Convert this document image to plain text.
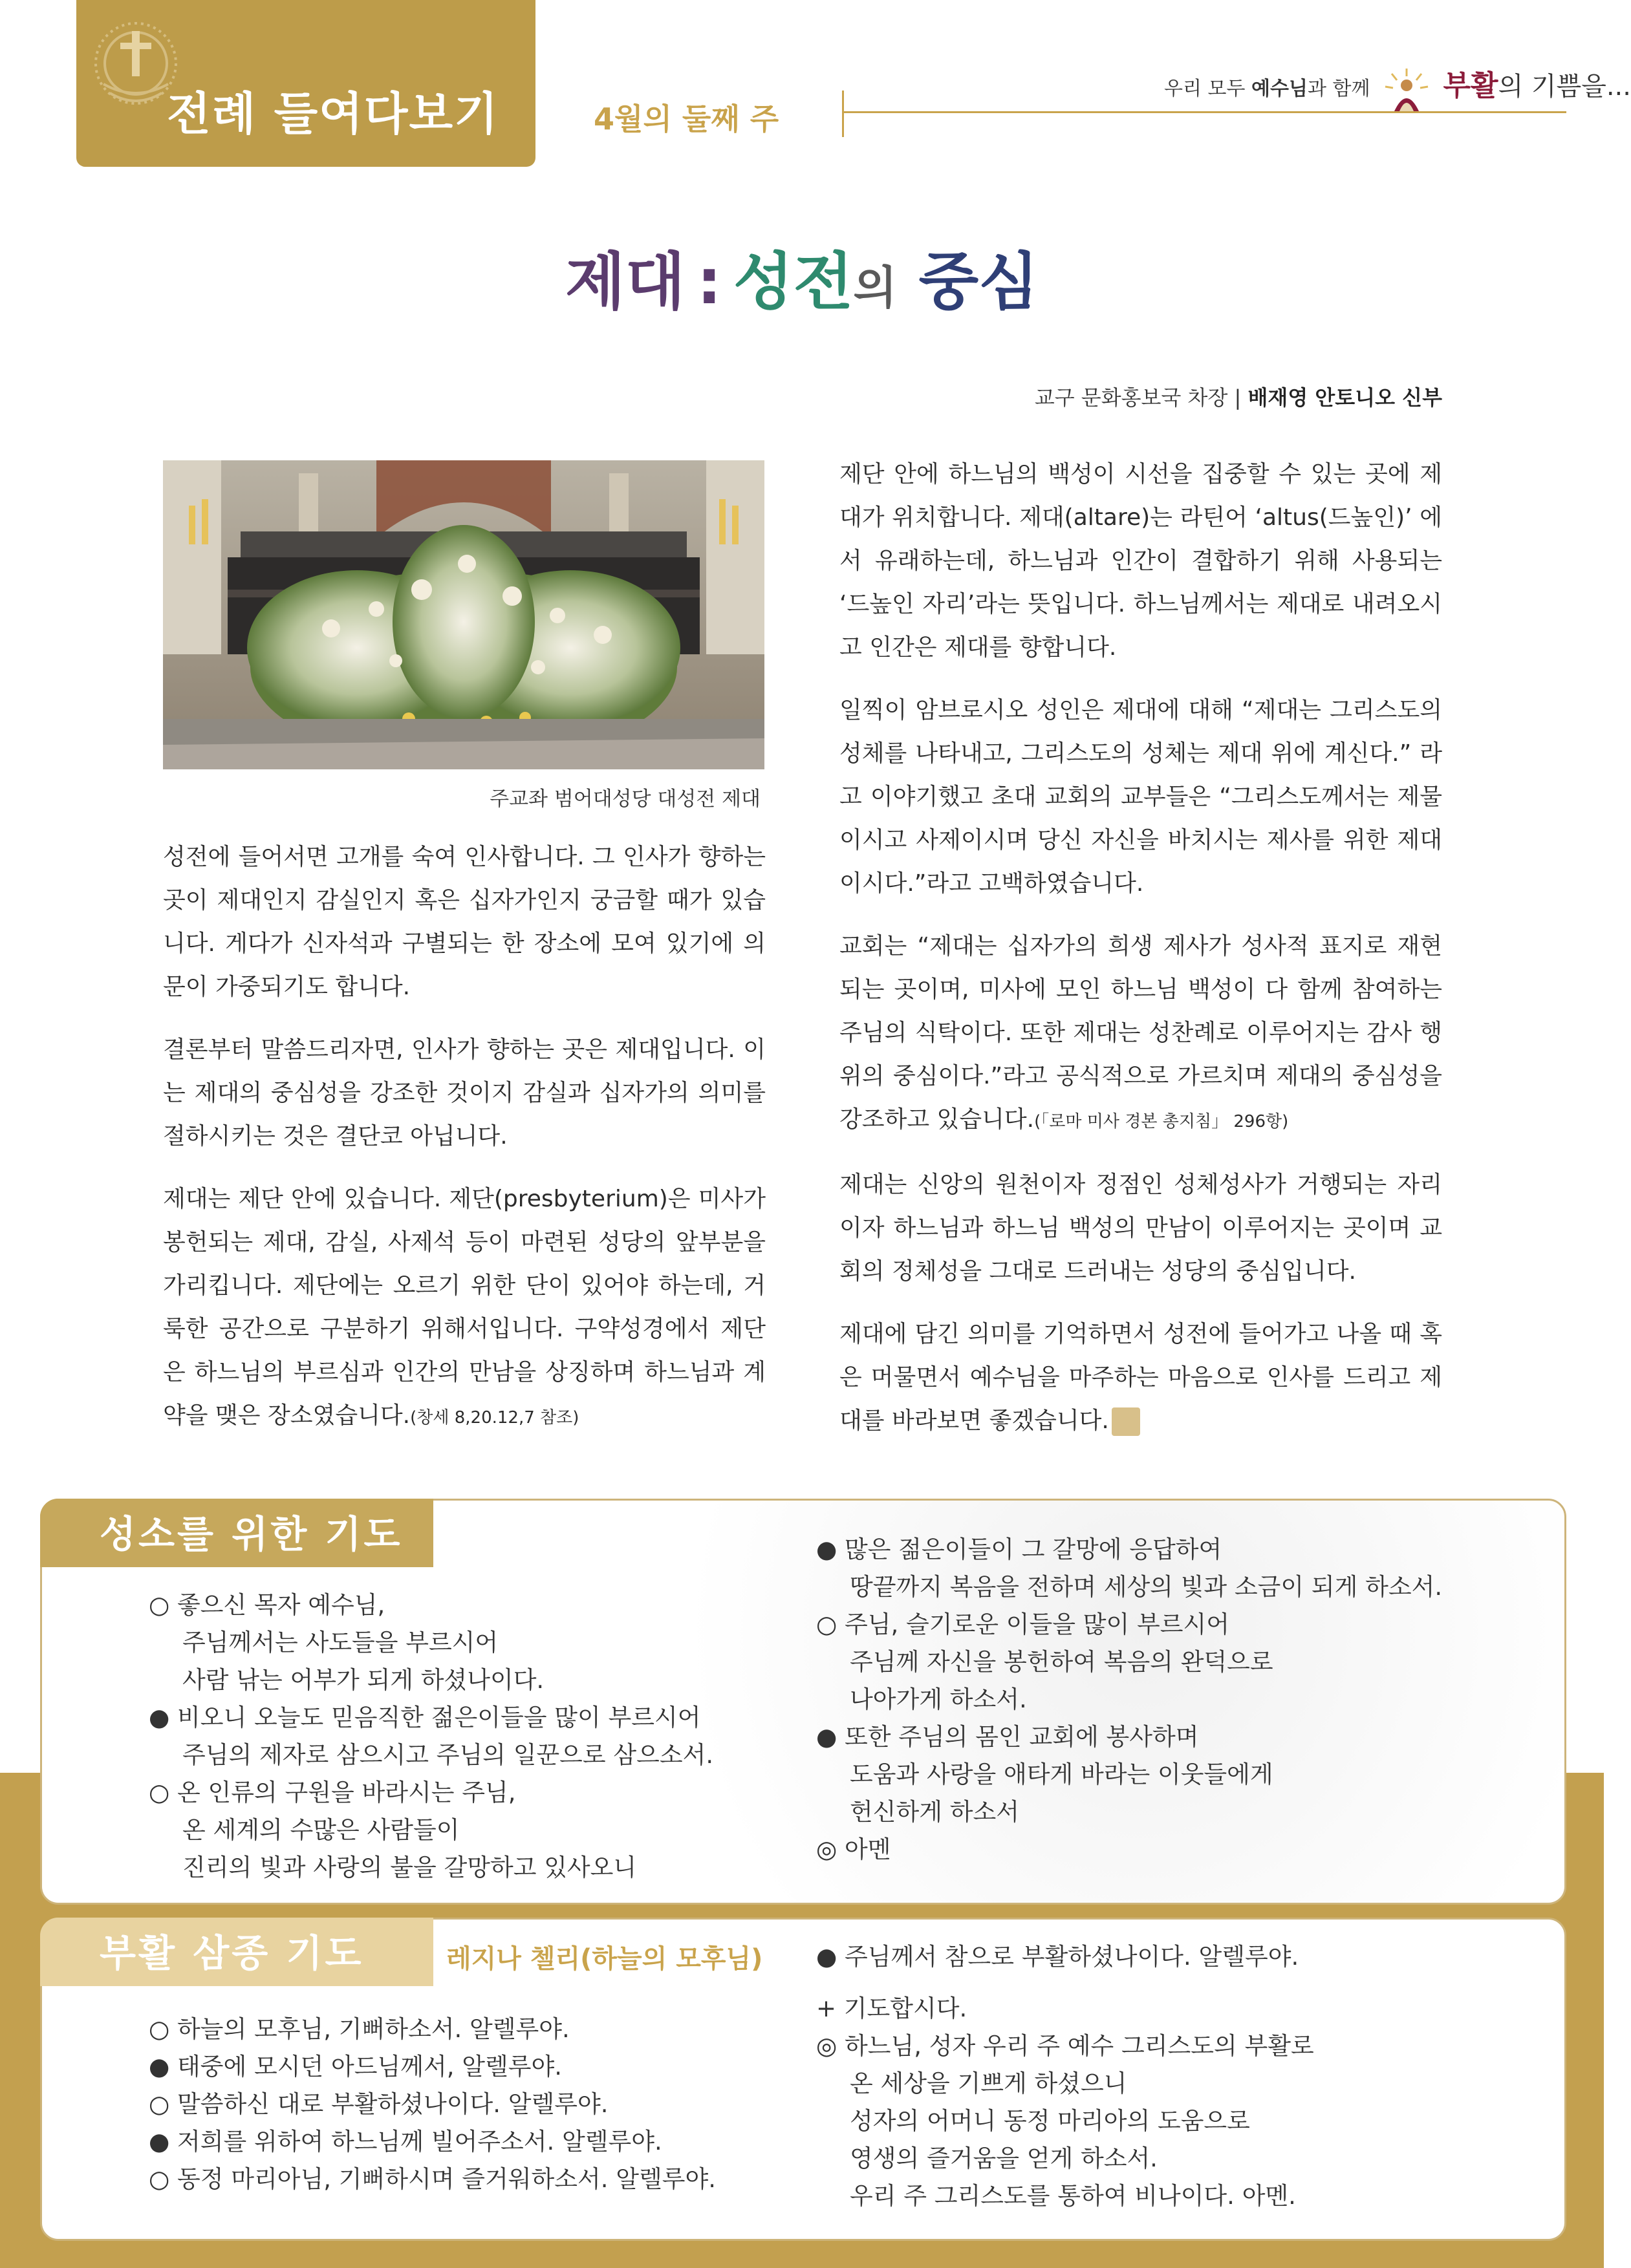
전례 들여다보기	4월의 둘째 주
우리 모두 예수님과 함께	부활의 기쁨을...
제대 : 성전의 중심
교구 문화홍보국 차장 | 배재영 안토니오 신부
주교좌 범어대성당 대성전 제대

성전에 들어서면 고개를 숙여 인사합니다. 그 인사가 향하는 곳이 제대인지 감실인지 혹은 십자가인지 궁금할 때가 있습니다. 게다가 신자석과 구별되는 한 장소에 모여 있기에 의문이 가중되기도 합니다.

결론부터 말씀드리자면, 인사가 향하는 곳은 제대입니다. 이는 제대의 중심성을 강조한 것이지 감실과 십자가의 의미를 절하시키는 것은 결단코 아닙니다.

제대는 제단 안에 있습니다. 제단(presbyterium)은 미사가 봉헌되는 제대, 감실, 사제석 등이 마련된 성당의 앞부분을 가리킵니다. 제단에는 오르기 위한 단이 있어야 하는데, 거룩한 공간으로 구분하기 위해서입니다. 구약성경에서 제단은 하느님의 부르심과 인간의 만남을 상징하며 하느님과 계약을 맺은 장소였습니다.(창세 8,20.12,7 참조)

제단 안에 하느님의 백성이 시선을 집중할 수 있는 곳에 제대가 위치합니다. 제대(altare)는 라틴어 ‘altus(드높인)’ 에서 유래하는데, 하느님과 인간이 결합하기 위해 사용되는 ‘드높인 자리’라는 뜻입니다. 하느님께서는 제대로 내려오시고 인간은 제대를 향합니다.

일찍이 암브로시오 성인은 제대에 대해 “제대는 그리스도의 성체를 나타내고, 그리스도의 성체는 제대 위에 계신다.” 라고 이야기했고 초대 교회의 교부들은 “그리스도께서는 제물이시고 사제이시며 당신 자신을 바치시는 제사를 위한 제대이시다.”라고 고백하였습니다.

교회는 “제대는 십자가의 희생 제사가 성사적 표지로 재현되는 곳이며, 미사에 모인 하느님 백성이 다 함께 참여하는 주님의 식탁이다. 또한 제대는 성찬례로 이루어지는 감사 행위의 중심이다.”라고 공식적으로 가르치며 제대의 중심성을 강조하고 있습니다.(「로마 미사 경본 총지침」 296항)

제대는 신앙의 원천이자 정점인 성체성사가 거행되는 자리이자 하느님과 하느님 백성의 만남이 이루어지는 곳이며 교회의 정체성을 그대로 드러내는 성당의 중심입니다.

제대에 담긴 의미를 기억하면서 성전에 들어가고 나올 때 혹은 머물면서 예수님을 마주하는 마음으로 인사를 드리고 제대를 바라보면 좋겠습니다.

성소를 위한 기도
○ 좋으신 목자 예수님,
주님께서는 사도들을 부르시어
사람 낚는 어부가 되게 하셨나이다.
● 비오니 오늘도 믿음직한 젊은이들을 많이 부르시어
주님의 제자로 삼으시고 주님의 일꾼으로 삼으소서.
○ 온 인류의 구원을 바라시는 주님,
온 세계의 수많은 사람들이
진리의 빛과 사랑의 불을 갈망하고 있사오니
● 많은 젊은이들이 그 갈망에 응답하여
땅끝까지 복음을 전하며 세상의 빛과 소금이 되게 하소서.
○ 주님, 슬기로운 이들을 많이 부르시어
주님께 자신을 봉헌하여 복음의 완덕으로
나아가게 하소서.
● 또한 주님의 몸인 교회에 봉사하며
도움과 사랑을 애타게 바라는 이웃들에게
헌신하게 하소서
◎ 아멘
부활 삼종 기도	레지나 첼리(하늘의 모후님)
○ 하늘의 모후님, 기뻐하소서. 알렐루야.
● 태중에 모시던 아드님께서, 알렐루야.
○ 말씀하신 대로 부활하셨나이다. 알렐루야.
● 저희를 위하여 하느님께 빌어주소서. 알렐루야.
○ 동정 마리아님, 기뻐하시며 즐거워하소서. 알렐루야.
● 주님께서 참으로 부활하셨나이다. 알렐루야.
+ 기도합시다.
◎ 하느님, 성자 우리 주 예수 그리스도의 부활로
온 세상을 기쁘게 하셨으니
성자의 어머니 동정 마리아의 도움으로
영생의 즐거움을 얻게 하소서.
우리 주 그리스도를 통하여 비나이다. 아멘.
